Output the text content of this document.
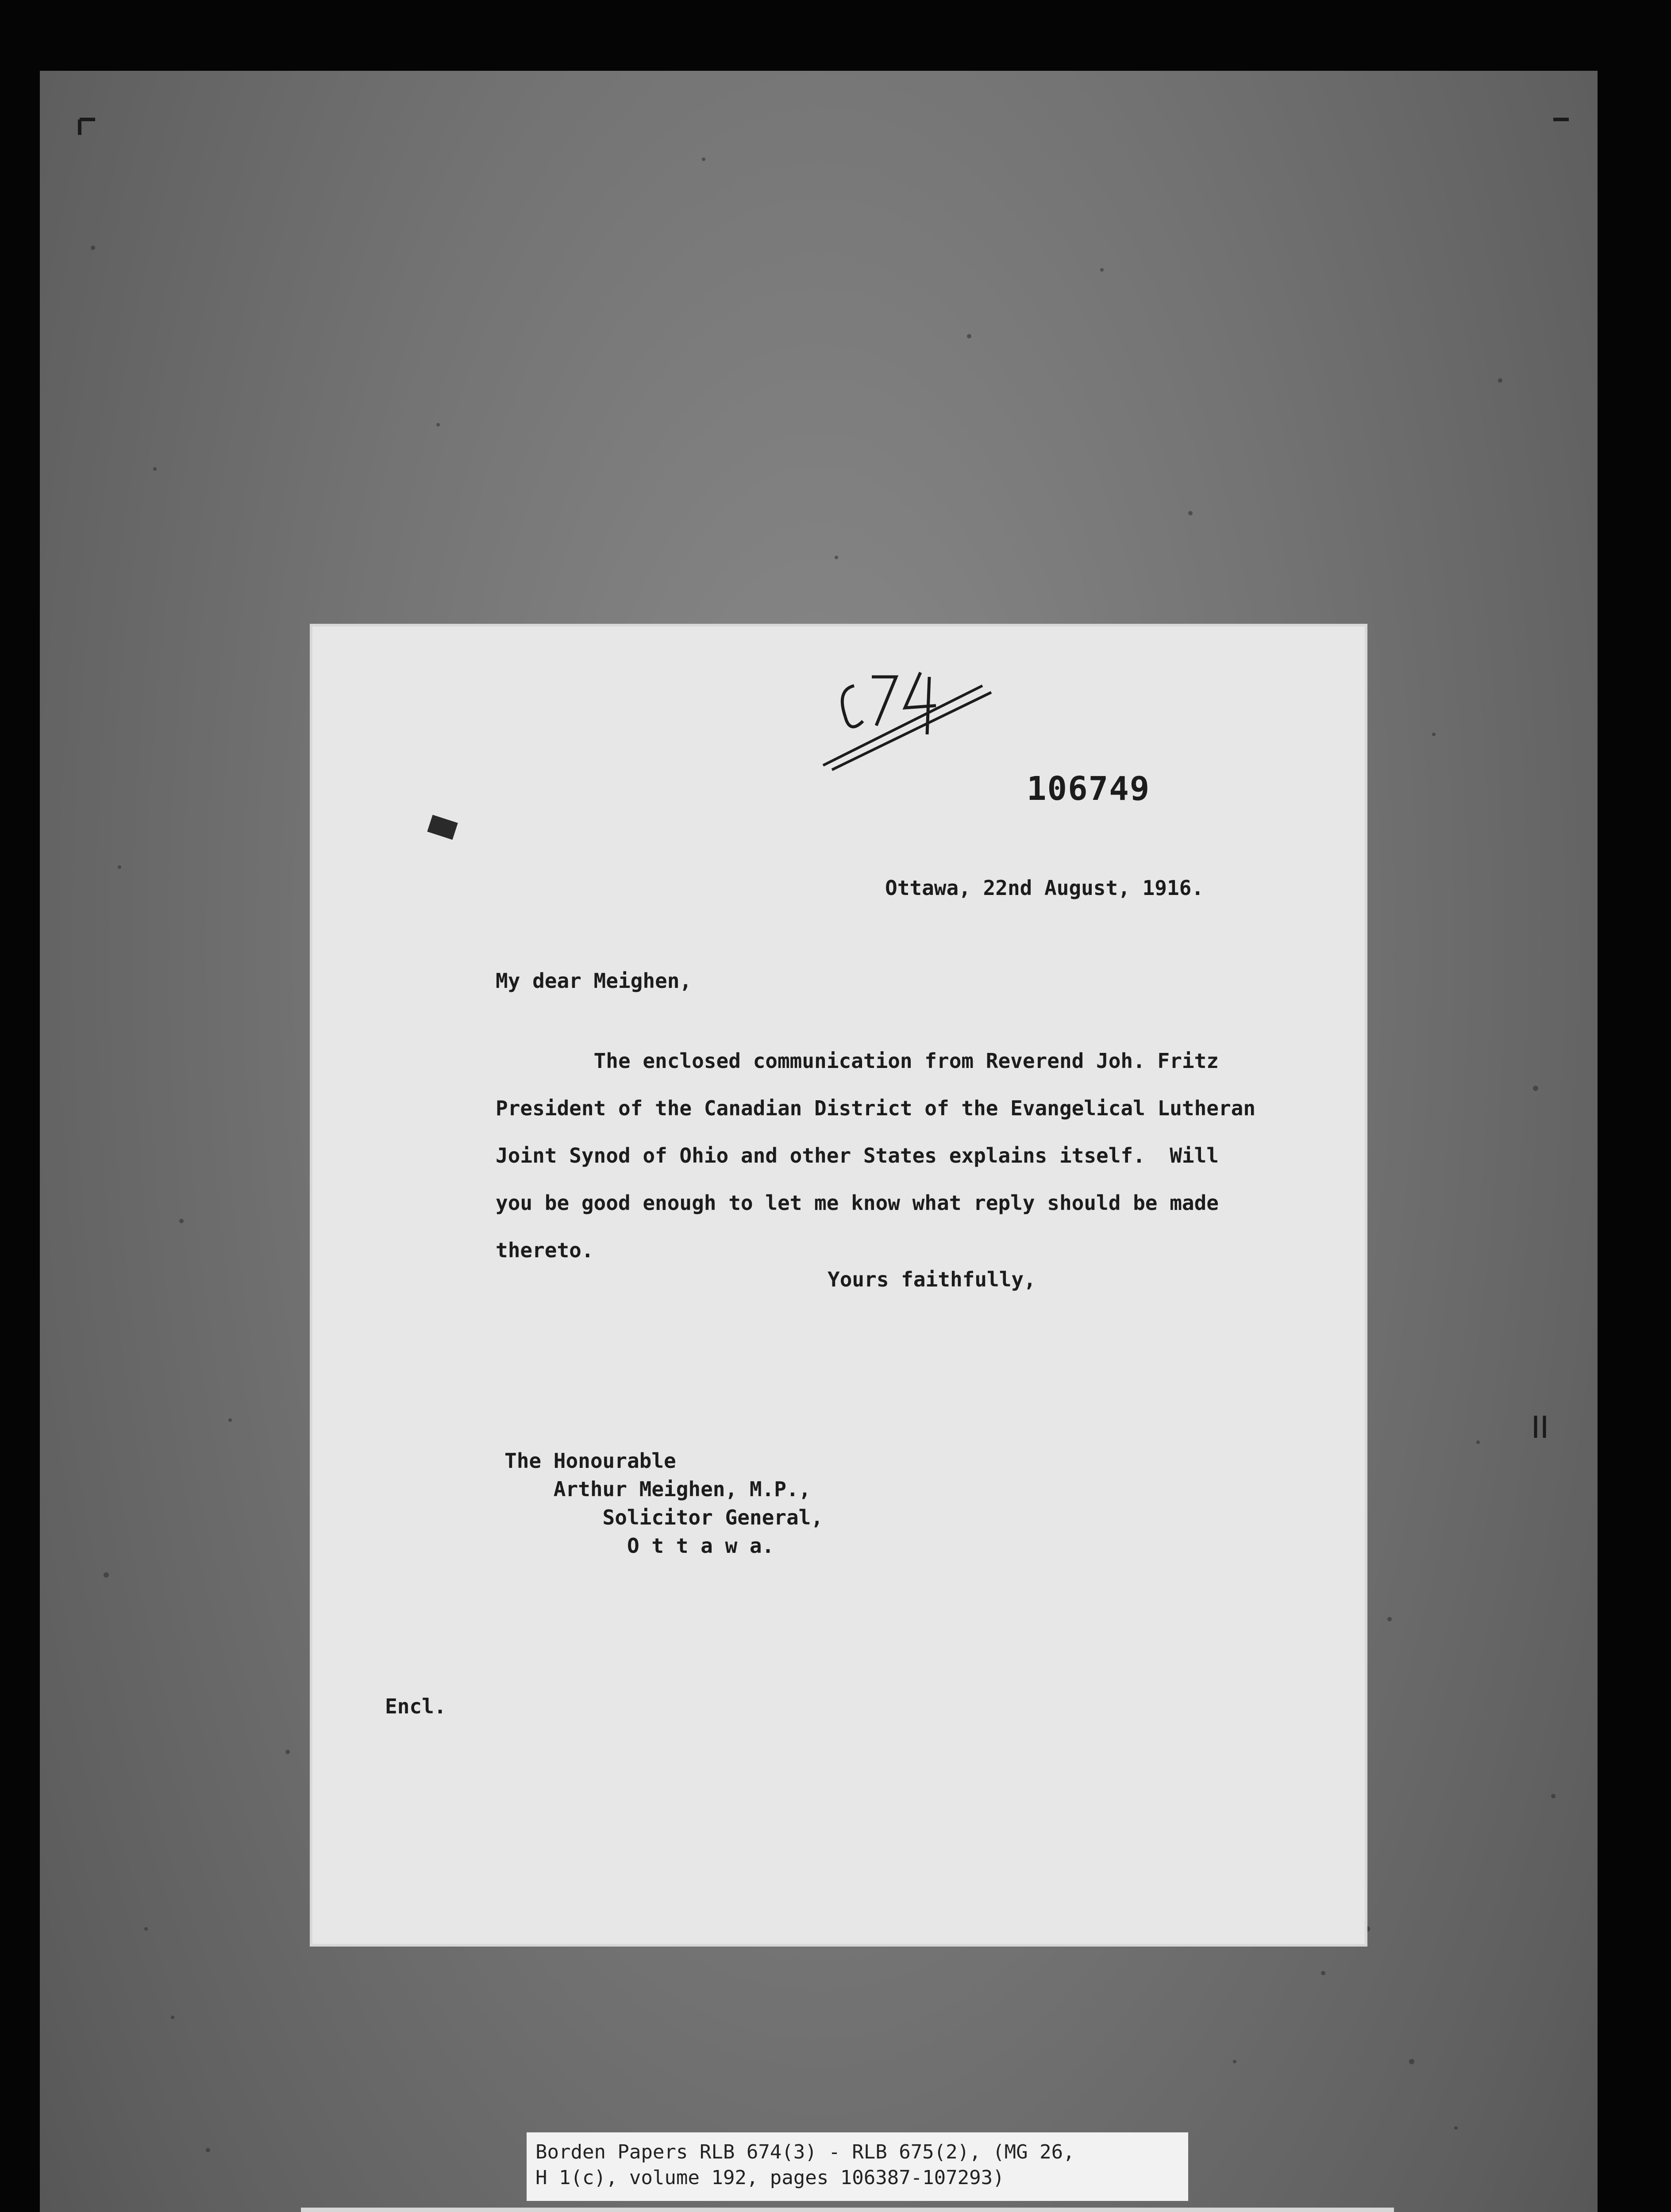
106749
Ottawa, 22nd August, 1916.
My dear Meighen,
The enclosed communication from Reverend Joh. Fritz
President of the Canadian District of the Evangelical Lutheran
Joint Synod of Ohio and other States explains itself.  Will
you be good enough to let me know what reply should be made
thereto.
Yours faithfully,
The Honourable
Arthur Meighen, M.P.,
Solicitor General,
O t t a w a.
Encl.
Borden Papers RLB 674(3) - RLB 675(2), (MG 26,
H 1(c), volume 192, pages 106387-107293)
